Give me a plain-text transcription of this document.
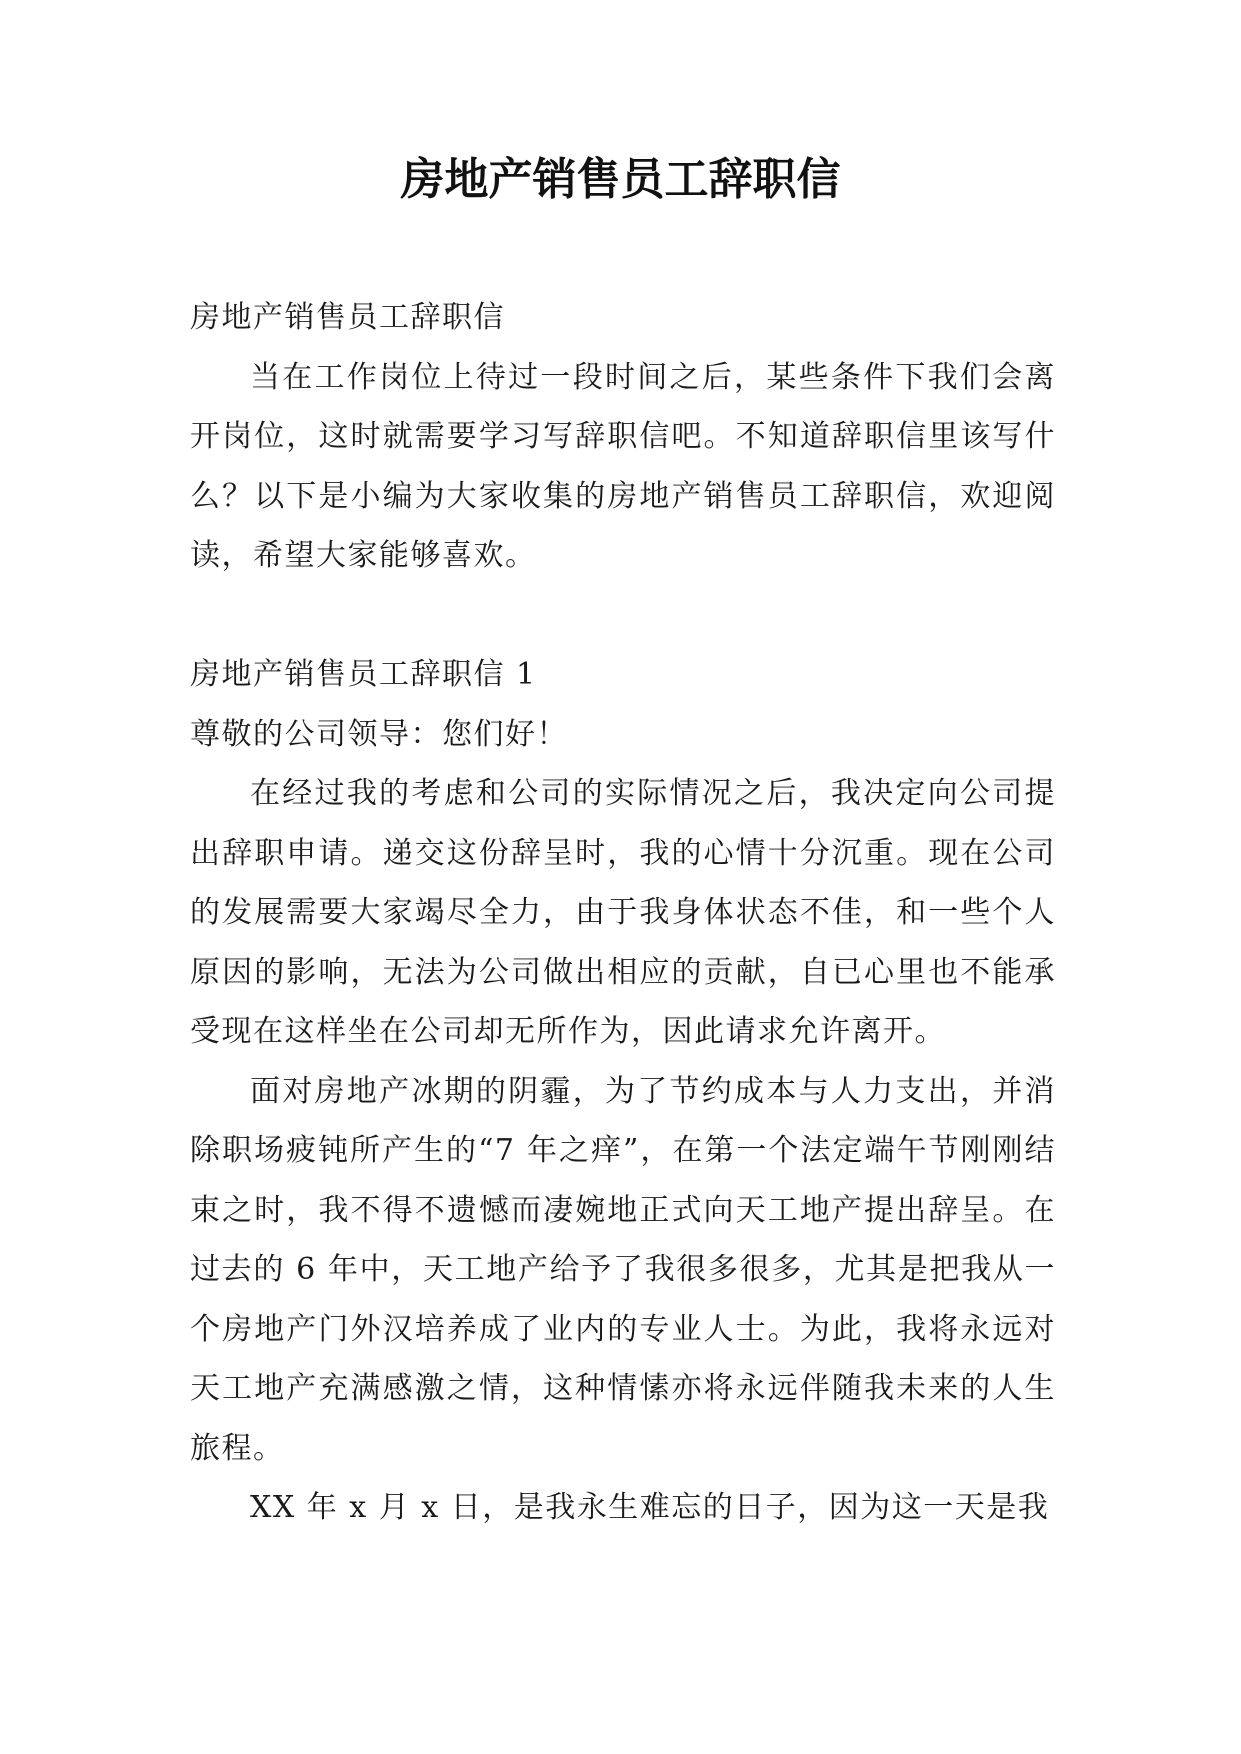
房地产销售员工辞职信

房地产销售员工辞职信

当在工作岗位上待过一段时间之后，某些条件下我们会离开岗位，这时就需要学习写辞职信吧。不知道辞职信里该写什么？以下是小编为大家收集的房地产销售员工辞职信，欢迎阅读，希望大家能够喜欢。

房地产销售员工辞职信 1

尊敬的公司领导：您们好！

在经过我的考虑和公司的实际情况之后，我决定向公司提出辞职申请。递交这份辞呈时，我的心情十分沉重。现在公司的发展需要大家竭尽全力，由于我身体状态不佳，和一些个人原因的影响，无法为公司做出相应的贡献，自已心里也不能承受现在这样坐在公司却无所作为，因此请求允许离开。

面对房地产冰期的阴霾，为了节约成本与人力支出，并消除职场疲钝所产生的“7 年之痒”，在第一个法定端午节刚刚结束之时，我不得不遗憾而凄婉地正式向天工地产提出辞呈。在过去的 6 年中，天工地产给予了我很多很多，尤其是把我从一个房地产门外汉培养成了业内的专业人士。为此，我将永远对天工地产充满感激之情，这种情愫亦将永远伴随我未来的人生旅程。

XX 年 x 月 x 日，是我永生难忘的日子，因为这一天是我
